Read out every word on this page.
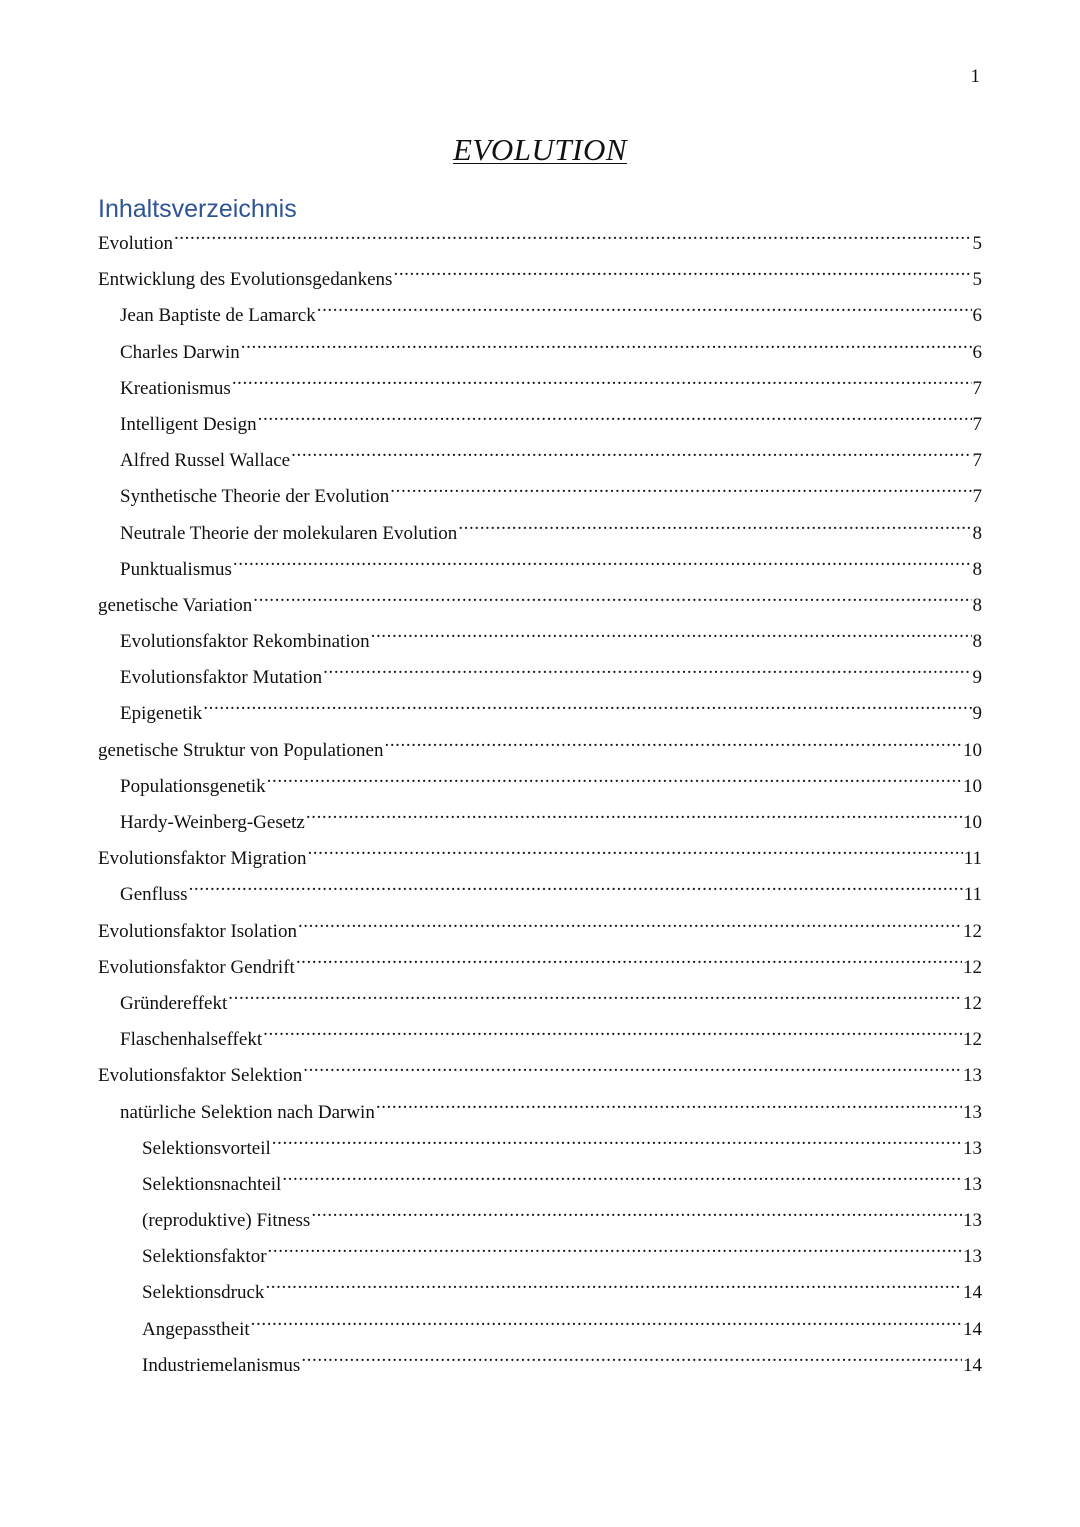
1
EVOLUTION
Inhaltsverzeichnis
Evolution .....	5
Entwicklung des Evolutionsgedankens .....	5
Jean Baptiste de Lamarck .....	6
Charles Darwin .....	6
Kreationismus .....	7
Intelligent Design .....	7
Alfred Russel Wallace .....	7
Synthetische Theorie der Evolution .....	7
Neutrale Theorie der molekularen Evolution .....	8
Punktualismus .....	8
genetische Variation .....	8
Evolutionsfaktor Rekombination .....	8
Evolutionsfaktor Mutation .....	9
Epigenetik .....	9
genetische Struktur von Populationen .....	10
Populationsgenetik .....	10
Hardy-Weinberg-Gesetz .....	10
Evolutionsfaktor Migration .....	11
Genfluss .....	11
Evolutionsfaktor Isolation .....	12
Evolutionsfaktor Gendrift .....	12
Gründereffekt .....	12
Flaschenhalseffekt .....	12
Evolutionsfaktor Selektion .....	13
natürliche Selektion nach Darwin .....	13
Selektionsvorteil .....	13
Selektionsnachteil .....	13
(reproduktive) Fitness .....	13
Selektionsfaktor .....	13
Selektionsdruck .....	14
Angepasstheit .....	14
Industriemelanismus .....	14
